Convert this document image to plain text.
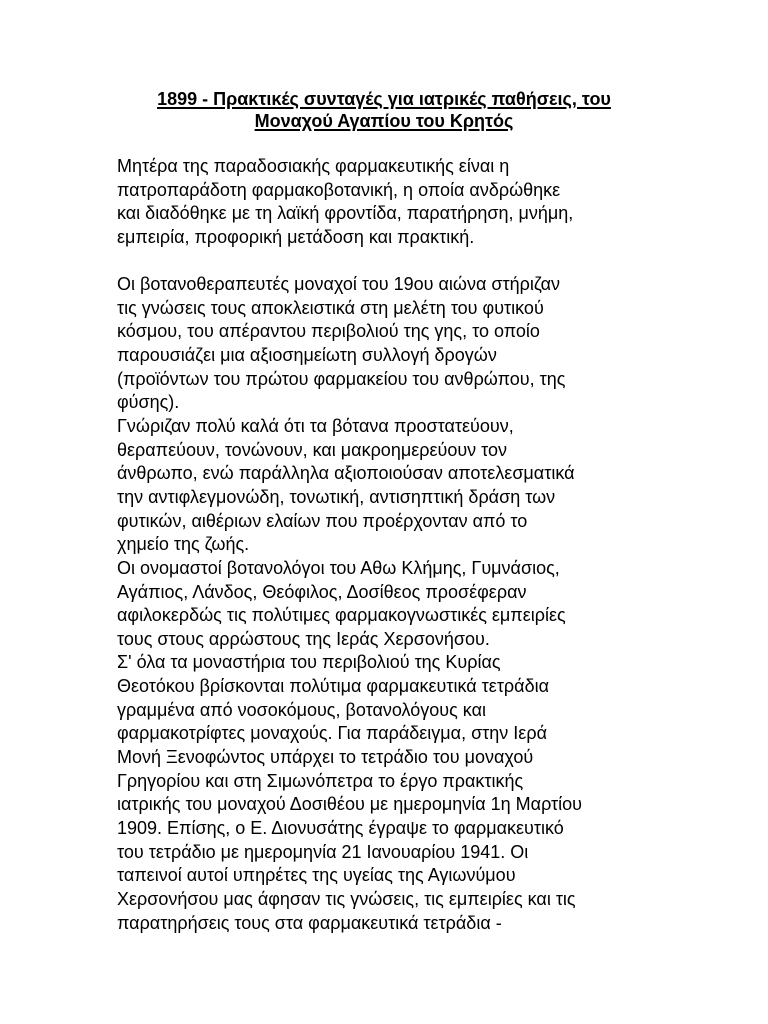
1899 - Πρακτικές συνταγές για ιατρικές παθήσεις, του
Μοναχού Αγαπίου του Κρητός
Μητέρα της παραδοσιακής φαρμακευτικής είναι η
πατροπαράδοτη φαρμακοβοτανική, η οποία ανδρώθηκε
και διαδόθηκε με τη λαϊκή φροντίδα, παρατήρηση, μνήμη,
εμπειρία, προφορική μετάδοση και πρακτική.
Οι βοτανοθεραπευτές μοναχοί του 19ου αιώνα στήριζαν
τις γνώσεις τους αποκλειστικά στη μελέτη του φυτικού
κόσμου, του απέραντου περιβολιού της γης, το οποίο
παρουσιάζει μια αξιοσημείωτη συλλογή δρογών
(προϊόντων του πρώτου φαρμακείου του ανθρώπου, της
φύσης).
Γνώριζαν πολύ καλά ότι τα βότανα προστατεύουν,
θεραπεύουν, τονώνουν, και μακροημερεύουν τον
άνθρωπο, ενώ παράλληλα αξιοποιούσαν αποτελεσματικά
την αντιφλεγμονώδη, τονωτική, αντισηπτική δράση των
φυτικών, αιθέριων ελαίων που προέρχονταν από το
χημείο της ζωής.
Οι ονομαστοί βοτανολόγοι του Αθω Κλήμης, Γυμνάσιος,
Αγάπιος, Λάνδος, Θεόφιλος, Δοσίθεος προσέφεραν
αφιλοκερδώς τις πολύτιμες φαρμακογνωστικές εμπειρίες
τους στους αρρώστους της Ιεράς Χερσονήσου.
Σ' όλα τα μοναστήρια του περιβολιού της Κυρίας
Θεοτόκου βρίσκονται πολύτιμα φαρμακευτικά τετράδια
γραμμένα από νοσοκόμους, βοτανολόγους και
φαρμακοτρίφτες μοναχούς. Για παράδειγμα, στην Ιερά
Μονή Ξενοφώντος υπάρχει το τετράδιο του μοναχού
Γρηγορίου και στη Σιμωνόπετρα το έργο πρακτικής
ιατρικής του μοναχού Δοσιθέου με ημερομηνία 1η Μαρτίου
1909. Επίσης, ο Ε. Διονυσάτης έγραψε το φαρμακευτικό
του τετράδιο με ημερομηνία 21 Ιανουαρίου 1941. Οι
ταπεινοί αυτοί υπηρέτες της υγείας της Αγιωνύμου
Χερσονήσου μας άφησαν τις γνώσεις, τις εμπειρίες και τις
παρατηρήσεις τους στα φαρμακευτικά τετράδια -
